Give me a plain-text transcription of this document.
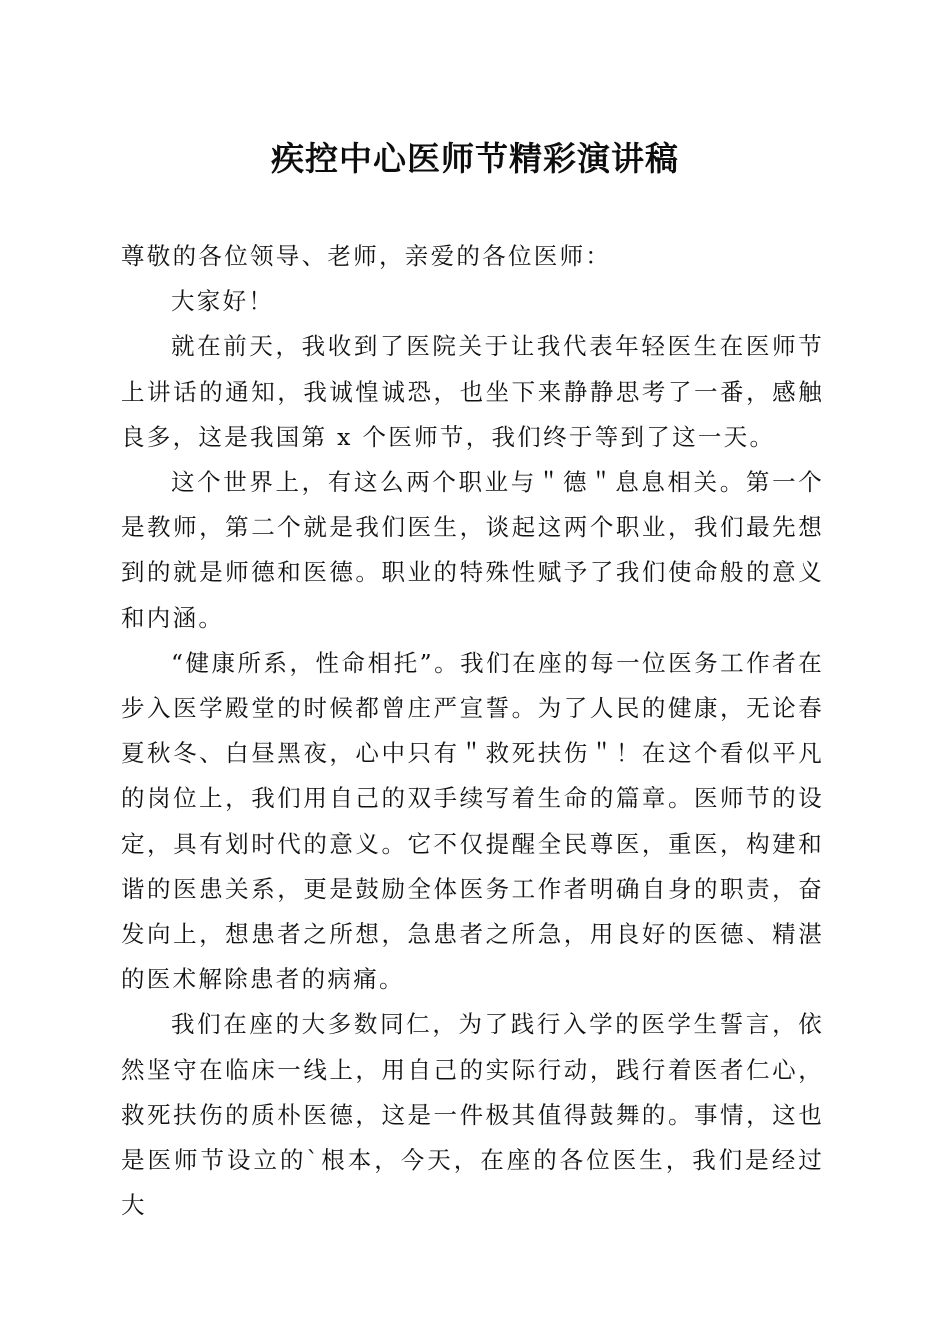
疾控中心医师节精彩演讲稿

尊敬的各位领导、老师，亲爱的各位医师：

大家好！

就在前天，我收到了医院关于让我代表年轻医生在医师节上讲话的通知，我诚惶诚恐，也坐下来静静思考了一番，感触良多，这是我国第 x 个医师节，我们终于等到了这一天。

这个世界上，有这么两个职业与＂德＂息息相关。第一个是教师，第二个就是我们医生，谈起这两个职业，我们最先想到的就是师德和医德。职业的特殊性赋予了我们使命般的意义和内涵。

“健康所系，性命相托”。我们在座的每一位医务工作者在步入医学殿堂的时候都曾庄严宣誓。为了人民的健康，无论春夏秋冬、白昼黑夜，心中只有＂救死扶伤＂！在这个看似平凡的岗位上，我们用自己的双手续写着生命的篇章。医师节的设定，具有划时代的意义。它不仅提醒全民尊医，重医，构建和谐的医患关系，更是鼓励全体医务工作者明确自身的职责，奋发向上，想患者之所想，急患者之所急，用良好的医德、精湛的医术解除患者的病痛。

我们在座的大多数同仁，为了践行入学的医学生誓言，依然坚守在临床一线上，用自己的实际行动，践行着医者仁心，救死扶伤的质朴医德，这是一件极其值得鼓舞的。事情，这也是医师节设立的`根本，今天，在座的各位医生，我们是经过大
